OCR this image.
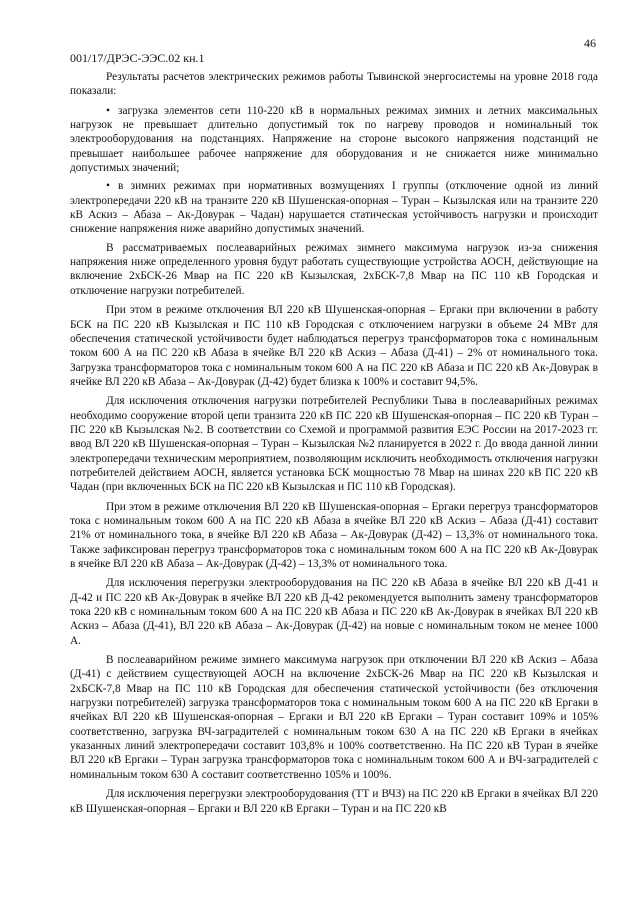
46
001/17/ДРЭС-ЭЭС.02 кн.1

Результаты расчетов электрических режимов работы Тывинской энергосистемы на уровне 2018 года показали:

• загрузка элементов сети 110-220 кВ в нормальных режимах зимних и летних максимальных нагрузок не превышает длительно допустимый ток по нагреву проводов и номинальный ток электрооборудования на подстанциях. Напряжение на стороне высокого напряжения подстанций не превышает наибольшее рабочее напряжение для оборудования и не снижается ниже минимально допустимых значений;
• в зимних режимах при нормативных возмущениях I группы (отключение одной из линий электропередачи 220 кВ на транзите 220 кВ Шушенская-опорная – Туран – Кызылская или на транзите 220 кВ Аскиз – Абаза – Ак-Довурак – Чадан) нарушается статическая устойчивость нагрузки и происходит снижение напряжения ниже аварийно допустимых значений.

В рассматриваемых послеаварийных режимах зимнего максимума нагрузок из-за снижения напряжения ниже определенного уровня будут работать существующие устройства АОСН, действующие на включение 2хБСК-26 Мвар на ПС 220 кВ Кызылская, 2хБСК-7,8 Мвар на ПС 110 кВ Городская и отключение нагрузки потребителей.

При этом в режиме отключения ВЛ 220 кВ Шушенская-опорная – Ергаки при включении в работу БСК на ПС 220 кВ Кызылская и ПС 110 кВ Городская с отключением нагрузки в объеме 24 МВт для обеспечения статической устойчивости будет наблюдаться перегруз трансформаторов тока с номинальным током 600 А на ПС 220 кВ Абаза в ячейке ВЛ 220 кВ Аскиз – Абаза (Д-41) – 2% от номинального тока. Загрузка трансформаторов тока с номинальным током 600 А на ПС 220 кВ Абаза и ПС 220 кВ Ак-Довурак в ячейке ВЛ 220 кВ Абаза – Ак-Довурак (Д-42) будет близка к 100% и составит 94,5%.

Для исключения отключения нагрузки потребителей Республики Тыва в послеаварийных режимах необходимо сооружение второй цепи транзита 220 кВ ПС 220 кВ Шушенская-опорная – ПС 220 кВ Туран – ПС 220 кВ Кызылская №2. В соответствии со Схемой и программой развития ЕЭС России на 2017-2023 гг. ввод ВЛ 220 кВ Шушенская-опорная – Туран – Кызылская №2 планируется в 2022 г. До ввода данной линии электропередачи техническим мероприятием, позволяющим исключить необходимость отключения нагрузки потребителей действием АОСН, является установка БСК мощностью 78 Мвар на шинах 220 кВ ПС 220 кВ Чадан (при включенных БСК на ПС 220 кВ Кызылская и ПС 110 кВ Городская).

При этом в режиме отключения ВЛ 220 кВ Шушенская-опорная – Ергаки перегруз трансформаторов тока с номинальным током 600 А на ПС 220 кВ Абаза в ячейке ВЛ 220 кВ Аскиз – Абаза (Д-41) составит 21% от номинального тока, в ячейке ВЛ 220 кВ Абаза – Ак-Довурак (Д-42) – 13,3% от номинального тока. Также зафиксирован перегруз трансформаторов тока с номинальным током 600 А на ПС 220 кВ Ак-Довурак в ячейке ВЛ 220 кВ Абаза – Ак-Довурак (Д-42) – 13,3% от номинального тока.

Для исключения перегрузки электрооборудования на ПС 220 кВ Абаза в ячейке ВЛ 220 кВ Д-41 и Д-42 и ПС 220 кВ Ак-Довурак в ячейке ВЛ 220 кВ Д-42 рекомендуется выполнить замену трансформаторов тока 220 кВ с номинальным током 600 А на ПС 220 кВ Абаза и ПС 220 кВ Ак-Довурак в ячейках ВЛ 220 кВ Аскиз – Абаза (Д-41), ВЛ 220 кВ Абаза – Ак-Довурак (Д-42) на новые с номинальным током не менее 1000 А.

В послеаварийном режиме зимнего максимума нагрузок при отключении ВЛ 220 кВ Аскиз – Абаза (Д-41) с действием существующей АОСН на включение 2хБСК-26 Мвар на ПС 220 кВ Кызылская и 2хБСК-7,8 Мвар на ПС 110 кВ Городская для обеспечения статической устойчивости (без отключения нагрузки потребителей) загрузка трансформаторов тока с номинальным током 600 А на ПС 220 кВ Ергаки в ячейках ВЛ 220 кВ Шушенская-опорная – Ергаки и ВЛ 220 кВ Ергаки – Туран составит 109% и 105% соответственно, загрузка ВЧ-заградителей с номинальным током 630 А на ПС 220 кВ Ергаки в ячейках указанных линий электропередачи составит 103,8% и 100% соответственно. На ПС 220 кВ Туран в ячейке ВЛ 220 кВ Ергаки – Туран загрузка трансформаторов тока с номинальным током 600 А и ВЧ-заградителей с номинальным током 630 А составит соответственно 105% и 100%.

Для исключения перегрузки электрооборудования (ТТ и ВЧЗ) на ПС 220 кВ Ергаки в ячейках ВЛ 220 кВ Шушенская-опорная – Ергаки и ВЛ 220 кВ Ергаки – Туран и на ПС 220 кВ
